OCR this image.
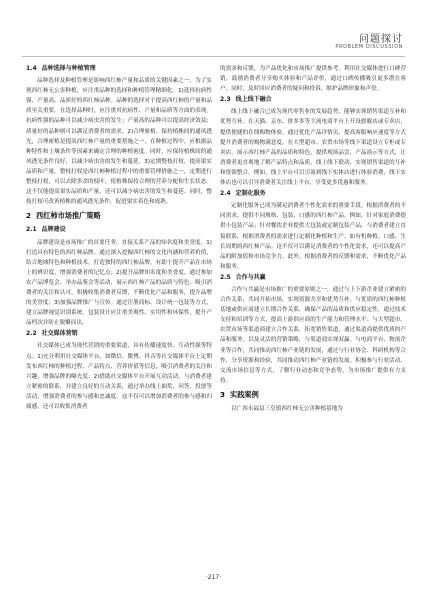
问题探讨
PROBLEM DISCUSSION
1.4 品种选择与种植管理

品种选择及种植管理是影响西红柿产量和品质的关键因素之一。为了实现西红柿无公害种植，应注重品种的选择和种植管理精细化。1)选择抗病性强、产量高、品质好的西红柿品种。品种的选择对于提高西红柿的产量和品质至关重要，在选择品种时，应注重其抗病性、产量和品质等方面的表现。抗病性强的品种可以减少病虫害的发生；产量高的品种可以提高经济效益；质量好的品种则可以满足消费者的需求。2)合理密植。保持植株间的通风透光，合理密植是提高西红柿产量的重要措施之一，在种植过程中，应根据品种特性和土壤条件等因素来确定合理的种植密度。同时，应保持植株间的通风透光条件良好，以减少病虫害的发生和蔓延。3)定期整枝打杈，提高果实品质和产量。整枝打杈是西红柿种植过程中的重要管理措施之一，定期进行整枝打杈，可以去除多余的枝叶，使植株保持合理的营养分配和生长状态。这不仅能提高果实品质和产量，还可以减少病虫害的发生和蔓延。同时，整枝打杈可改善植株的通风透光条件，促进果实着色和成熟。

2 西红柿市场推广策略
2.1 品牌建设

品牌建设是市场推广的首要任务，直接关系产品的知名度和美誉度。1)打造具有特色的西红柿品牌。通过深入挖掘西红柿的文化内涵和营养价值，结合地域特色和种植技术，打造独特的西红柿品牌，有助于提升产品在市场上的辨识度，增强消费者的记忆点；2)提升品牌知名度和美誉度。通过参加农产品博览会、举办品鉴会等活动，展示西红柿产品的品质与特色，吸引消费者的关注和认可，积极收集消费者反馈，不断优化产品和服务，提升品牌的美誉度；3)加强品牌推广与宣传。通过注册商标、设计统一包装等方式，建立品牌视觉识别系统。包装设计应注重美观性、实用性和环保性，提升产品档次并防止脱瓣而出。

2.2 社交媒体营销

社交媒体已成为现代营销的重要渠道，具有传播速度快、互动性强等特点。1)充分利用社交媒体平台，如微信、微博、抖音等社交媒体平台上定期发布西红柿的种植过程、产品特点、营养价值等信息，吸引消费者的关注和兴趣，增强品牌的曝光度；2)借助社交媒体平台开展互动活动，与消费者建立紧密的联系，并建立良好的互动关系，通过举办线上抽奖、问答、投票等活动，增强消费者的参与感和忠诚度。这不仅可以增加消费者的参与感和归属感，还可以收集消费者

的需求和反馈，为产品优化和市场推广提供参考。利用社交媒体进行口碑营销，鼓励消费者分享购买体验和产品评价，通过口碑传播吸引更多潜在客户。同时，及时回应消费者的疑问和投诉，维护品牌形象和声誉。

2.3 线上线下融合

线上线下融合已成为现代零售业的发展趋势，能够实现销售渠道互补和优势互补。在天猫、京东、拼多多等主流电商平台上开设旗舰店或专卖店，提供便捷的在线购物体验。通过优化产品详情页、提高客服响应速度等方式提升消费者的购物满意度。在大型超市、农贸市场等线下渠道设立专柜或专卖店，展示西红柿产品的品质和特色，提供现场品尝、产品演示等方式，让消费者更直观地了解产品特点和品质。线上线下联动，实现销售渠道的互补和资源整合。例如，线上平台可以引流到线下实体店进行体验消费，线下实体店也可以引导消费者关注线上平台，享受更多优惠和服务。

2.4 定制化服务

定制化服务已成为满足消费者个性化需求的重要手段。根据消费者的不同需求，提供不同规格、包装、口感的西红柿产品。例如，针对家庭消费提供小包装产品；针对餐饮企业提供大包装或定制包装产品，与消费者建立直接联系，根据消费者的需求进行定制化种植和生产。如有机种植、口感、生长周期的西红柿产品。这不仅可以满足消费者的个性化需求，还可以提高产品的附加值和市场竞争力。此外，根据消费者的反馈和需求，不断优化产品和服务。

2.5 合作与共赢

合作与共赢是市场推广的重要原则之一，通过与上下游企业建立紧密的合作关系，共同开拓市场，实现资源共享和优势互补。与优质的西红柿种植基地或供应商建立长期合作关系，确保产品的品质和供应稳定性，通过技术支持和培训等方式，提高上游供应商的生产能力和管理水平；与大型超市、农贸市场等渠道商建立合作关系，拓宽销售渠道，通过渠道商提供优质的产品和服务，以及灵活的营销策略，与渠道商实现双赢。与电商平台、物流企业等合作，共同推动西红柿产业链的发展，通过与行业协会、科研机构等合作，分享资源和经验，共同推动西红柿产业链的发展。积极参与行业活动、交流市场信息等方式，了解行业动态和竞争态势，为市场推广提供有力支持。

3 实践案例

以广西永福县三皇镇西红柿无公害种植基地为

·217·
